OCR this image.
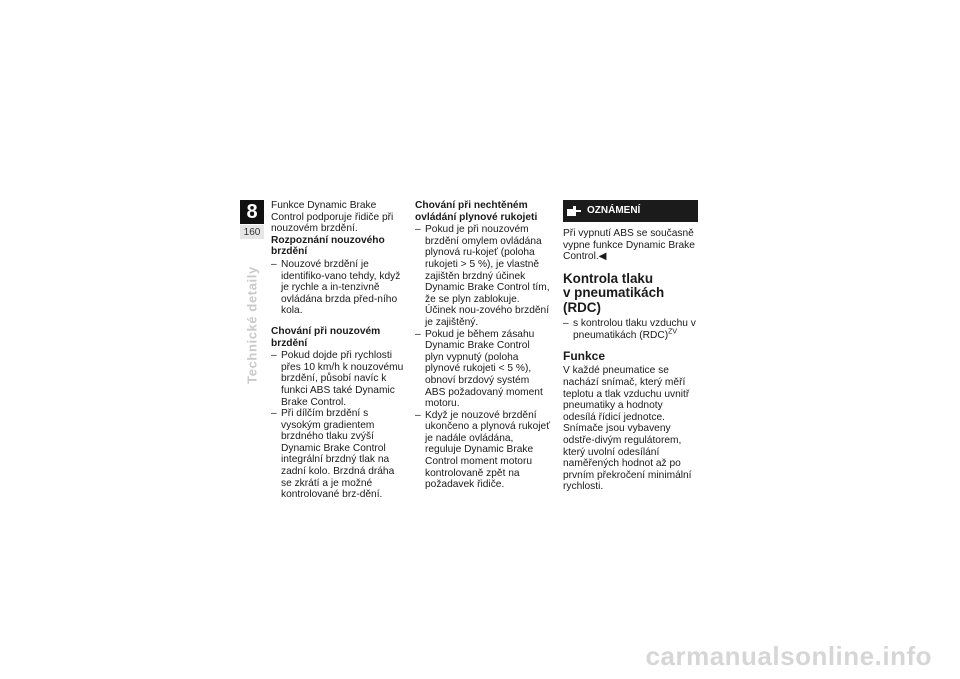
8
160
Technické detaily

Funkce Dynamic Brake Control podporuje řidiče při nouzovém brzdění.

Rozpoznání nouzového brzdění

– Nouzové brzdění je identifiko-vano tehdy, když je rychle a in-tenzivně ovládána brzda před-ního kola.

Chování při nouzovém brzdění

– Pokud dojde při rychlosti přes 10 km/h k nouzovému brzdění, působí navíc k funkci ABS také Dynamic Brake Control.
– Při dílčím brzdění s vysokým gradientem brzdného tlaku zvýší Dynamic Brake Control integrální brzdný tlak na zadní kolo. Brzdná dráha se zkrátí a je možné kontrolované brz-dění.

Chování při nechtěném ovládání plynové rukojeti

– Pokud je při nouzovém brzdění omylem ovládána plynová ru-kojeť (poloha rukojeti > 5 %), je vlastně zajištěn brzdný účinek Dynamic Brake Control tím, že se plyn zablokuje. Účinek nou-zového brzdění je zajištěný.
– Pokud je během zásahu Dynamic Brake Control plyn vypnutý (poloha plynové rukojeti < 5 %), obnoví brzdový systém ABS požadovaný moment motoru.
– Když je nouzové brzdění ukončeno a plynová rukojeť je nadále ovládána, reguluje Dynamic Brake Control moment motoru kontrolovaně zpět na požadavek řidiče.
OZNÁMENÍ

Při vypnutí ABS se současně vypne funkce Dynamic Brake Control.◀

Kontrola tlaku
v pneumatikách (RDC)
– s kontrolou tlaku vzduchu v pneumatikách (RDC)$^{ZV}$
Funkce

V každé pneumatice se nachází snímač, který měří teplotu a tlak vzduchu uvnitř pneumatiky a hodnoty odesílá řídicí jednotce. Snímače jsou vybaveny odstře-divým regulátorem, který uvolní odesílání naměřených hodnot až po prvním překročení minimální rychlosti.

carmanualsonline.info
